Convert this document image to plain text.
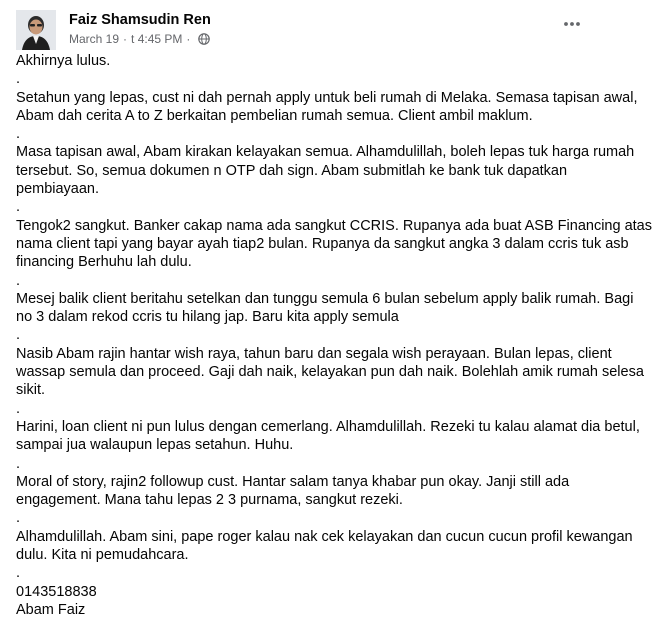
Faiz Shamsudin Ren
March 19 · t 4:45 PM ·
Akhirnya lulus.
.
Setahun yang lepas, cust ni dah pernah apply untuk beli rumah di Melaka. Semasa tapisan awal,
Abam dah cerita A to Z berkaitan pembelian rumah semua. Client ambil maklum.
.
Masa tapisan awal, Abam kirakan kelayakan semua. Alhamdulillah, boleh lepas tuk harga rumah
tersebut. So, semua dokumen n OTP dah sign. Abam submitlah ke bank tuk dapatkan
pembiayaan.
.
Tengok2 sangkut. Banker cakap nama ada sangkut CCRIS. Rupanya ada buat ASB Financing atas
nama client tapi yang bayar ayah tiap2 bulan. Rupanya da sangkut angka 3 dalam ccris tuk asb
financing Berhuhu lah dulu.
.
Mesej balik client beritahu setelkan dan tunggu semula 6 bulan sebelum apply balik rumah. Bagi
no 3 dalam rekod ccris tu hilang jap. Baru kita apply semula
.
Nasib Abam rajin hantar wish raya, tahun baru dan segala wish perayaan. Bulan lepas, client
wassap semula dan proceed. Gaji dah naik, kelayakan pun dah naik. Bolehlah amik rumah selesa
sikit.
.
Harini, loan client ni pun lulus dengan cemerlang. Alhamdulillah. Rezeki tu kalau alamat dia betul,
sampai jua walaupun lepas setahun. Huhu.
.
Moral of story, rajin2 followup cust. Hantar salam tanya khabar pun okay. Janji still ada
engagement. Mana tahu lepas 2 3 purnama, sangkut rezeki.
.
Alhamdulillah. Abam sini, pape roger kalau nak cek kelayakan dan cucun cucun profil kewangan
dulu. Kita ni pemudahcara.
.
0143518838
Abam Faiz
